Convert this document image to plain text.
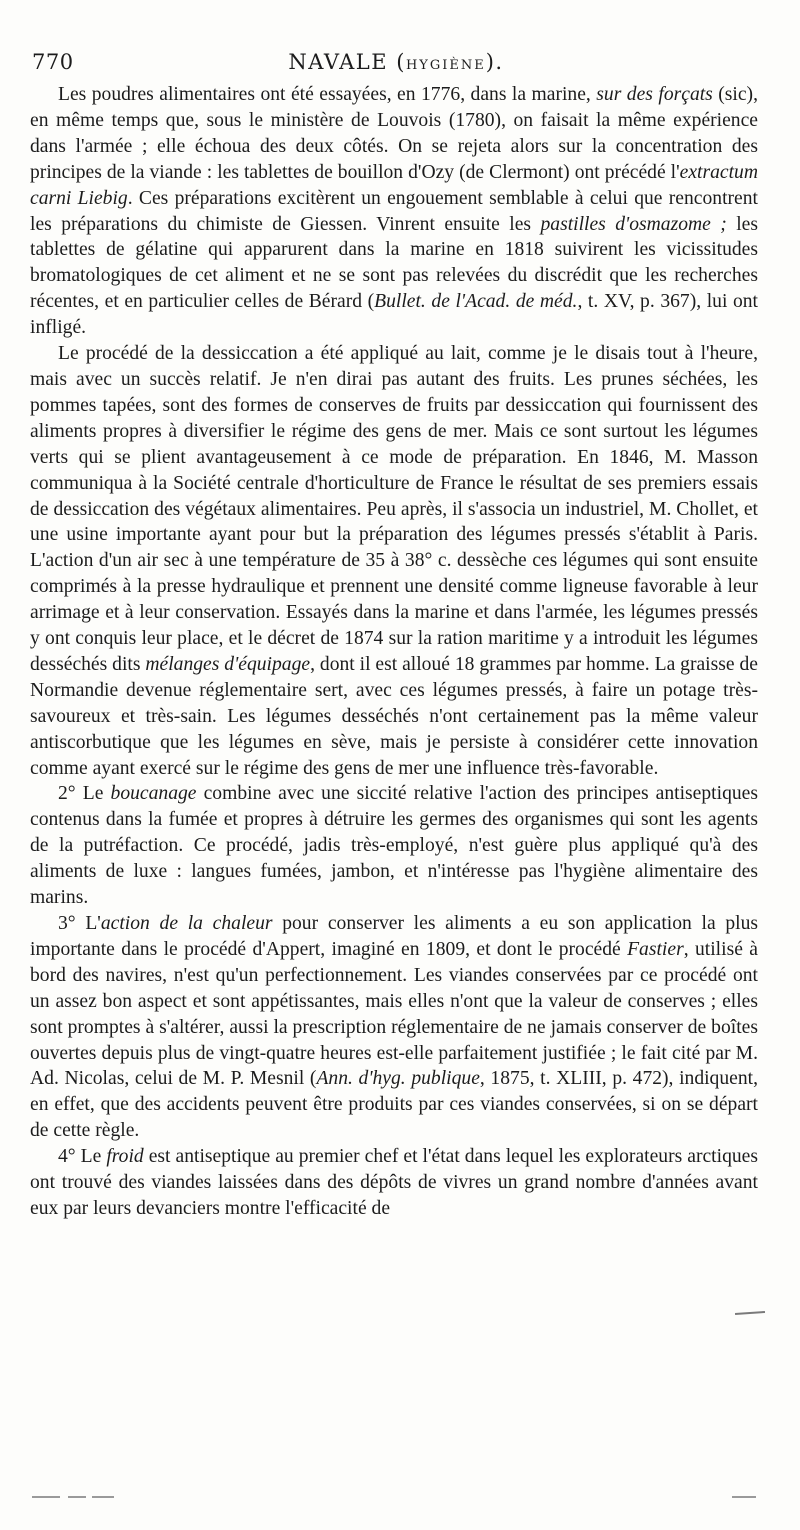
770	NAVALE (HYGIÈNE).

Les poudres alimentaires ont été essayées, en 1776, dans la marine, sur des forçats (sic), en même temps que, sous le ministère de Louvois (1780), on faisait la même expérience dans l'armée ; elle échoua des deux côtés. On se rejeta alors sur la concentration des principes de la viande : les tablettes de bouillon d'Ozy (de Clermont) ont précédé l'extractum carni Liebig. Ces préparations excitèrent un engouement semblable à celui que rencontrent les préparations du chimiste de Giessen. Vinrent ensuite les pastilles d'osmazome ; les tablettes de gélatine qui apparurent dans la marine en 1818 suivirent les vicissitudes bromatologiques de cet aliment et ne se sont pas relevées du discrédit que les recherches récentes, et en particulier celles de Bérard (Bullet. de l'Acad. de méd., t. XV, p. 367), lui ont infligé.

Le procédé de la dessiccation a été appliqué au lait, comme je le disais tout à l'heure, mais avec un succès relatif. Je n'en dirai pas autant des fruits. Les prunes séchées, les pommes tapées, sont des formes de conserves de fruits par dessiccation qui fournissent des aliments propres à diversifier le régime des gens de mer. Mais ce sont surtout les légumes verts qui se plient avantageusement à ce mode de préparation. En 1846, M. Masson communiqua à la Société centrale d'horticulture de France le résultat de ses premiers essais de dessiccation des végétaux alimentaires. Peu après, il s'associa un industriel, M. Chollet, et une usine importante ayant pour but la préparation des légumes pressés s'établit à Paris. L'action d'un air sec à une température de 35 à 38° c. dessèche ces légumes qui sont ensuite comprimés à la presse hydraulique et prennent une densité comme ligneuse favorable à leur arrimage et à leur conservation. Essayés dans la marine et dans l'armée, les légumes pressés y ont conquis leur place, et le décret de 1874 sur la ration maritime y a introduit les légumes desséchés dits mélanges d'équipage, dont il est alloué 18 grammes par homme. La graisse de Normandie devenue réglementaire sert, avec ces légumes pressés, à faire un potage très-savoureux et très-sain. Les légumes desséchés n'ont certainement pas la même valeur antiscorbutique que les légumes en sève, mais je persiste à considérer cette innovation comme ayant exercé sur le régime des gens de mer une influence très-favorable.

2° Le boucanage combine avec une siccité relative l'action des principes antiseptiques contenus dans la fumée et propres à détruire les germes des organismes qui sont les agents de la putréfaction. Ce procédé, jadis très-employé, n'est guère plus appliqué qu'à des aliments de luxe : langues fumées, jambon, et n'intéresse pas l'hygiène alimentaire des marins.

3° L'action de la chaleur pour conserver les aliments a eu son application la plus importante dans le procédé d'Appert, imaginé en 1809, et dont le procédé Fastier, utilisé à bord des navires, n'est qu'un perfectionnement. Les viandes conservées par ce procédé ont un assez bon aspect et sont appétissantes, mais elles n'ont que la valeur de conserves ; elles sont promptes à s'altérer, aussi la prescription réglementaire de ne jamais conserver de boîtes ouvertes depuis plus de vingt-quatre heures est-elle parfaitement justifiée ; le fait cité par M. Ad. Nicolas, celui de M. P. Mesnil (Ann. d'hyg. publique, 1875, t. XLIII, p. 472), indiquent, en effet, que des accidents peuvent être produits par ces viandes conservées, si on se départ de cette règle.

4° Le froid est antiseptique au premier chef et l'état dans lequel les explorateurs arctiques ont trouvé des viandes laissées dans des dépôts de vivres un grand nombre d'années avant eux par leurs devanciers montre l'efficacité de
